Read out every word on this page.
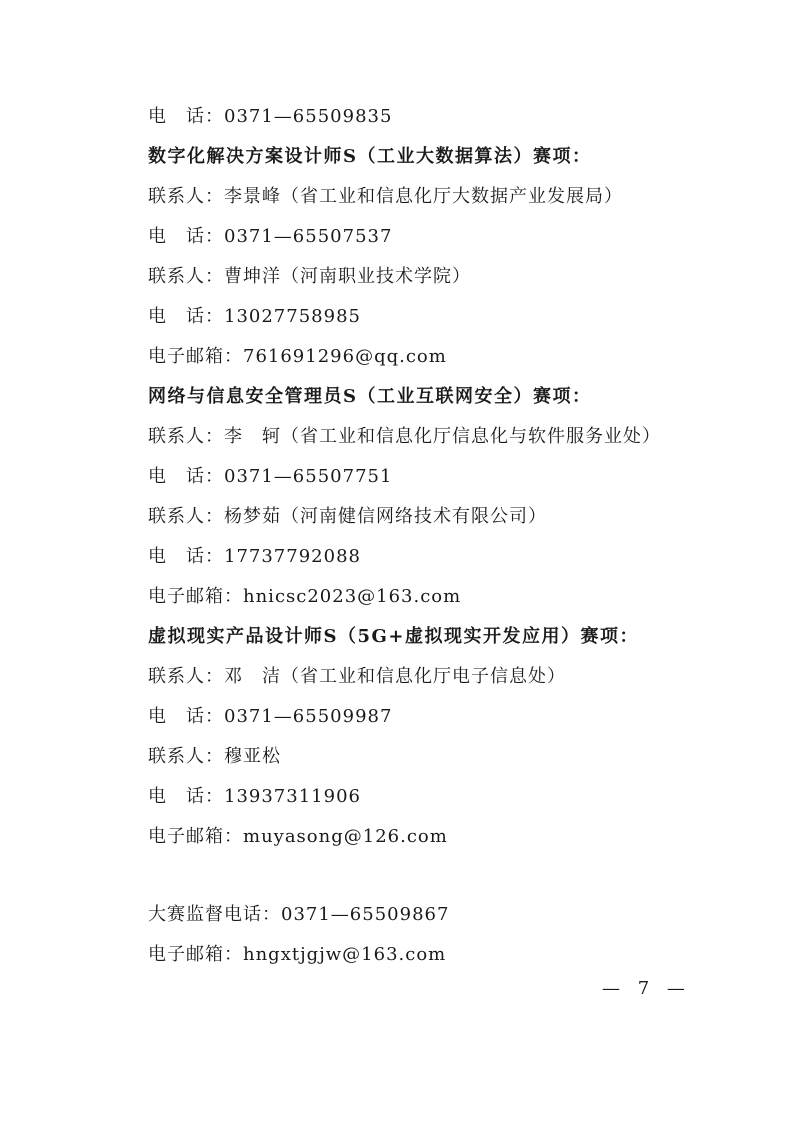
电　话：0371—65509835
数字化解决方案设计师S（工业大数据算法）赛项：
联系人：李景峰（省工业和信息化厅大数据产业发展局）
电　话：0371—65507537
联系人：曹坤洋（河南职业技术学院）
电　话：13027758985
电子邮箱：761691296@qq.com
网络与信息安全管理员S（工业互联网安全）赛项：
联系人：李　轲（省工业和信息化厅信息化与软件服务业处）
电　话：0371—65507751
联系人：杨梦茹（河南健信网络技术有限公司）
电　话：17737792088
电子邮箱：hnicsc2023@163.com
虚拟现实产品设计师S（5G+虚拟现实开发应用）赛项：
联系人：邓　洁（省工业和信息化厅电子信息处）
电　话：0371—65509987
联系人：穆亚松
电　话：13937311906
电子邮箱：muyasong@126.com
大赛监督电话：0371—65509867
电子邮箱：hngxtjgjw@163.com
— 7 —
